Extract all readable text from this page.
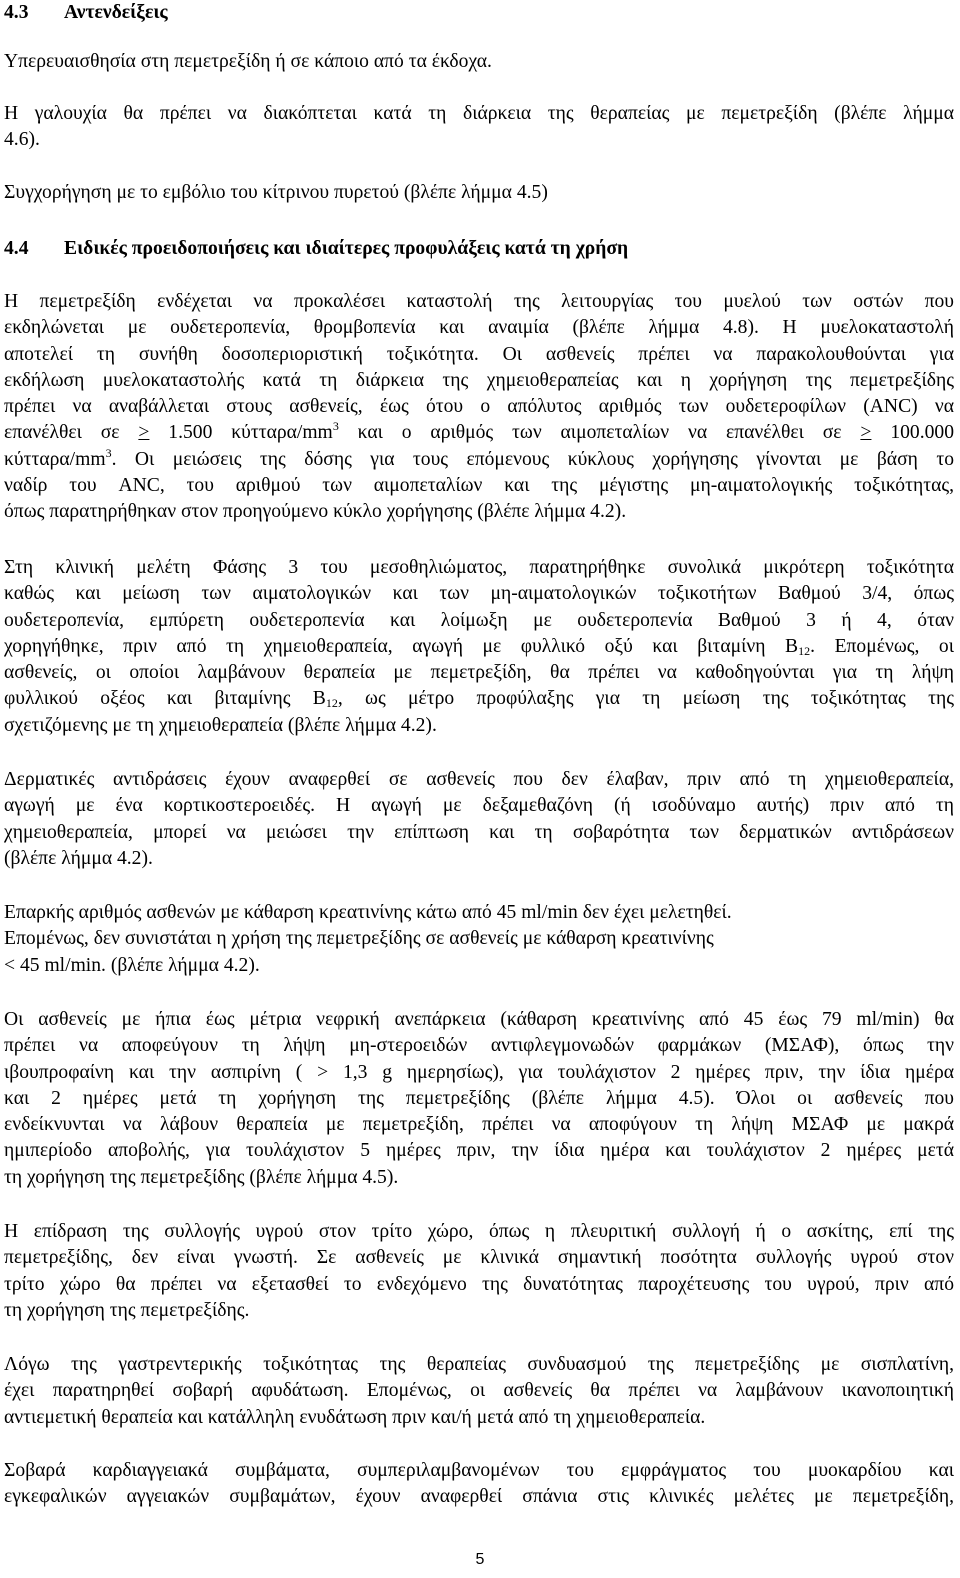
4.3 Αντενδείξεις
Υπερευαισθησία στη πεμετρεξίδη ή σε κάποιο από τα έκδοχα.
Η γαλουχία θα πρέπει να διακόπτεται κατά τη διάρκεια της θεραπείας με πεμετρεξίδη (βλέπε λήμμα
4.6).
Συγχορήγηση με το εμβόλιο του κίτρινου πυρετού (βλέπε λήμμα 4.5)
4.4 Ειδικές προειδοποιήσεις και ιδιαίτερες προφυλάξεις κατά τη χρήση
Η πεμετρεξίδη ενδέχεται να προκαλέσει καταστολή της λειτουργίας του μυελού των οστών που
εκδηλώνεται με ουδετεροπενία, θρομβοπενία και αναιμία (βλέπε λήμμα 4.8). Η μυελοκαταστολή
αποτελεί τη συνήθη δοσοπεριοριστική τοξικότητα. Οι ασθενείς πρέπει να παρακολουθούνται για
εκδήλωση μυελοκαταστολής κατά τη διάρκεια της χημειοθεραπείας και η χορήγηση της πεμετρεξίδης
πρέπει να αναβάλλεται στους ασθενείς, έως ότου ο απόλυτος αριθμός των ουδετεροφίλων (ANC) να
επανέλθει σε ≥ 1.500 κύτταρα/$mm^3$ και ο αριθμός των αιμοπεταλίων να επανέλθει σε ≥ 100.000
κύτταρα/$mm^3$. Οι μειώσεις της δόσης για τους επόμενους κύκλους χορήγησης γίνονται με βάση το
ναδίρ του ANC, του αριθμού των αιμοπεταλίων και της μέγιστης μη-αιματολογικής τοξικότητας,
όπως παρατηρήθηκαν στον προηγούμενο κύκλο χορήγησης (βλέπε λήμμα 4.2).
Στη κλινική μελέτη Φάσης 3 του μεσοθηλιώματος, παρατηρήθηκε συνολικά μικρότερη τοξικότητα
καθώς και μείωση των αιματολογικών και των μη-αιματολογικών τοξικοτήτων Βαθμού 3/4, όπως
ουδετεροπενία, εμπύρετη ουδετεροπενία και λοίμωξη με ουδετεροπενία Βαθμού 3 ή 4, όταν
χορηγήθηκε, πριν από τη χημειοθεραπεία, αγωγή με φυλλικό οξύ και βιταμίνη $B_{12}$. Επομένως, οι
ασθενείς, οι οποίοι λαμβάνουν θεραπεία με πεμετρεξίδη, θα πρέπει να καθοδηγούνται για τη λήψη
φυλλικού οξέος και βιταμίνης $B_{12}$, ως μέτρο προφύλαξης για τη μείωση της τοξικότητας της
σχετιζόμενης με τη χημειοθεραπεία (βλέπε λήμμα 4.2).
Δερματικές αντιδράσεις έχουν αναφερθεί σε ασθενείς που δεν έλαβαν, πριν από τη χημειοθεραπεία,
αγωγή με ένα κορτικοστεροειδές. Η αγωγή με δεξαμεθαζόνη (ή ισοδύναμο αυτής) πριν από τη
χημειοθεραπεία, μπορεί να μειώσει την επίπτωση και τη σοβαρότητα των δερματικών αντιδράσεων
(βλέπε λήμμα 4.2).
Επαρκής αριθμός ασθενών με κάθαρση κρεατινίνης κάτω από 45 ml/min δεν έχει μελετηθεί.
Επομένως, δεν συνιστάται η χρήση της πεμετρεξίδης σε ασθενείς με κάθαρση κρεατινίνης
< 45 ml/min. (βλέπε λήμμα 4.2).
Οι ασθενείς με ήπια έως μέτρια νεφρική ανεπάρκεια (κάθαρση κρεατινίνης από 45 έως 79 ml/min) θα
πρέπει να αποφεύγουν τη λήψη μη-στεροειδών αντιφλεγμονωδών φαρμάκων (ΜΣΑΦ), όπως την
ιβουπροφαίνη και την ασπιρίνη ( > 1,3 g ημερησίως), για τουλάχιστον 2 ημέρες πριν, την ίδια ημέρα
και 2 ημέρες μετά τη χορήγηση της πεμετρεξίδης (βλέπε λήμμα 4.5). Όλοι οι ασθενείς που
ενδείκνυνται να λάβουν θεραπεία με πεμετρεξίδη, πρέπει να αποφύγουν τη λήψη ΜΣΑΦ με μακρά
ημιπερίοδο αποβολής, για τουλάχιστον 5 ημέρες πριν, την ίδια ημέρα και τουλάχιστον 2 ημέρες μετά
τη χορήγηση της πεμετρεξίδης (βλέπε λήμμα 4.5).
Η επίδραση της συλλογής υγρού στον τρίτο χώρο, όπως η πλευριτική συλλογή ή ο ασκίτης, επί της
πεμετρεξίδης, δεν είναι γνωστή. Σε ασθενείς με κλινικά σημαντική ποσότητα συλλογής υγρού στον
τρίτο χώρο θα πρέπει να εξετασθεί το ενδεχόμενο της δυνατότητας παροχέτευσης του υγρού, πριν από
τη χορήγηση της πεμετρεξίδης.
Λόγω της γαστρεντερικής τοξικότητας της θεραπείας συνδυασμού της πεμετρεξίδης με σισπλατίνη,
έχει παρατηρηθεί σοβαρή αφυδάτωση. Επομένως, οι ασθενείς θα πρέπει να λαμβάνουν ικανοποιητική
αντιεμετική θεραπεία και κατάλληλη ενυδάτωση πριν και/ή μετά από τη χημειοθεραπεία.
Σοβαρά καρδιαγγειακά συμβάματα, συμπεριλαμβανομένων του εμφράγματος του μυοκαρδίου και
εγκεφαλικών αγγειακών συμβαμάτων, έχουν αναφερθεί σπάνια στις κλινικές μελέτες με πεμετρεξίδη,
5
